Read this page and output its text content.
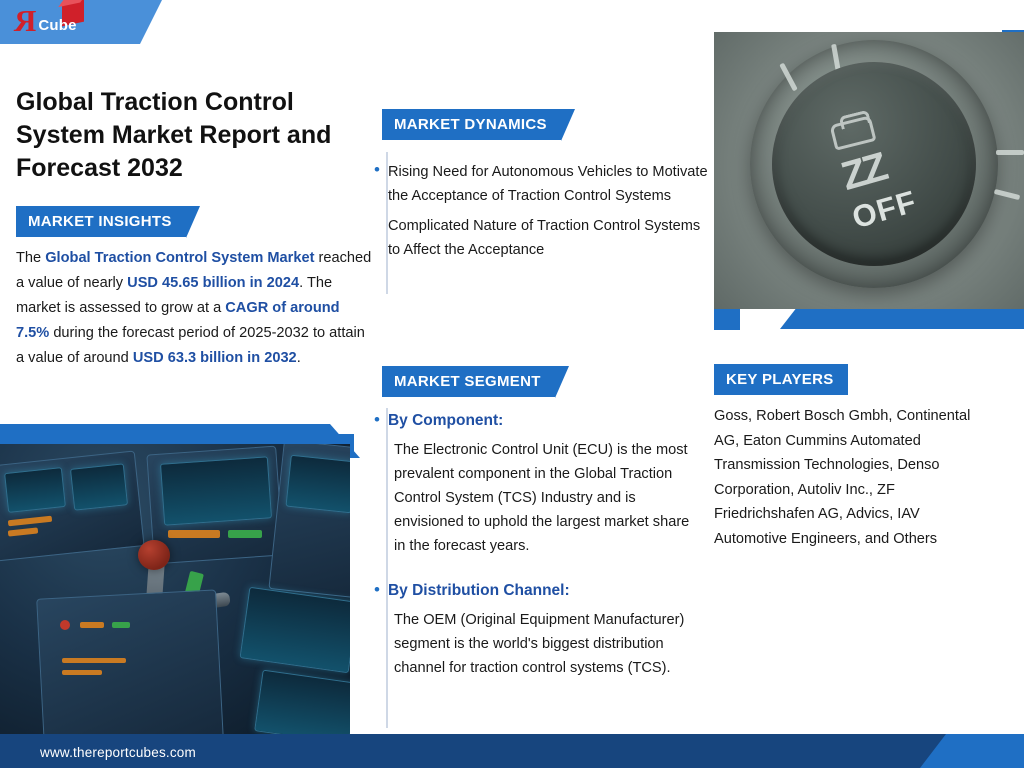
R Cube
Global Traction Control System Market Report and Forecast 2032
MARKET INSIGHTS
The Global Traction Control System Market reached a value of nearly USD 45.65 billion in 2024. The market is assessed to grow at a CAGR of around 7.5% during the forecast period of 2025-2032 to attain a value of around USD 63.3 billion in 2032.
MARKET DYNAMICS
• Rising Need for Autonomous Vehicles to Motivate the Acceptance of Traction Control Systems
Complicated Nature of Traction Control Systems to Affect the Acceptance
MARKET SEGMENT
• By Component:
The Electronic Control Unit (ECU) is the most prevalent component in the Global Traction Control System (TCS) Industry and is envisioned to uphold the largest market share in the forecast years.
• By Distribution Channel:
The OEM (Original Equipment Manufacturer) segment is the world's biggest distribution channel for traction control systems (TCS).
KEY PLAYERS
Goss, Robert Bosch Gmbh, Continental AG, Eaton Cummins Automated Transmission Technologies, Denso Corporation, Autoliv Inc., ZF Friedrichshafen AG, Advics, IAV Automotive Engineers, and Others
ZZ
OFF
www.thereportcubes.com
